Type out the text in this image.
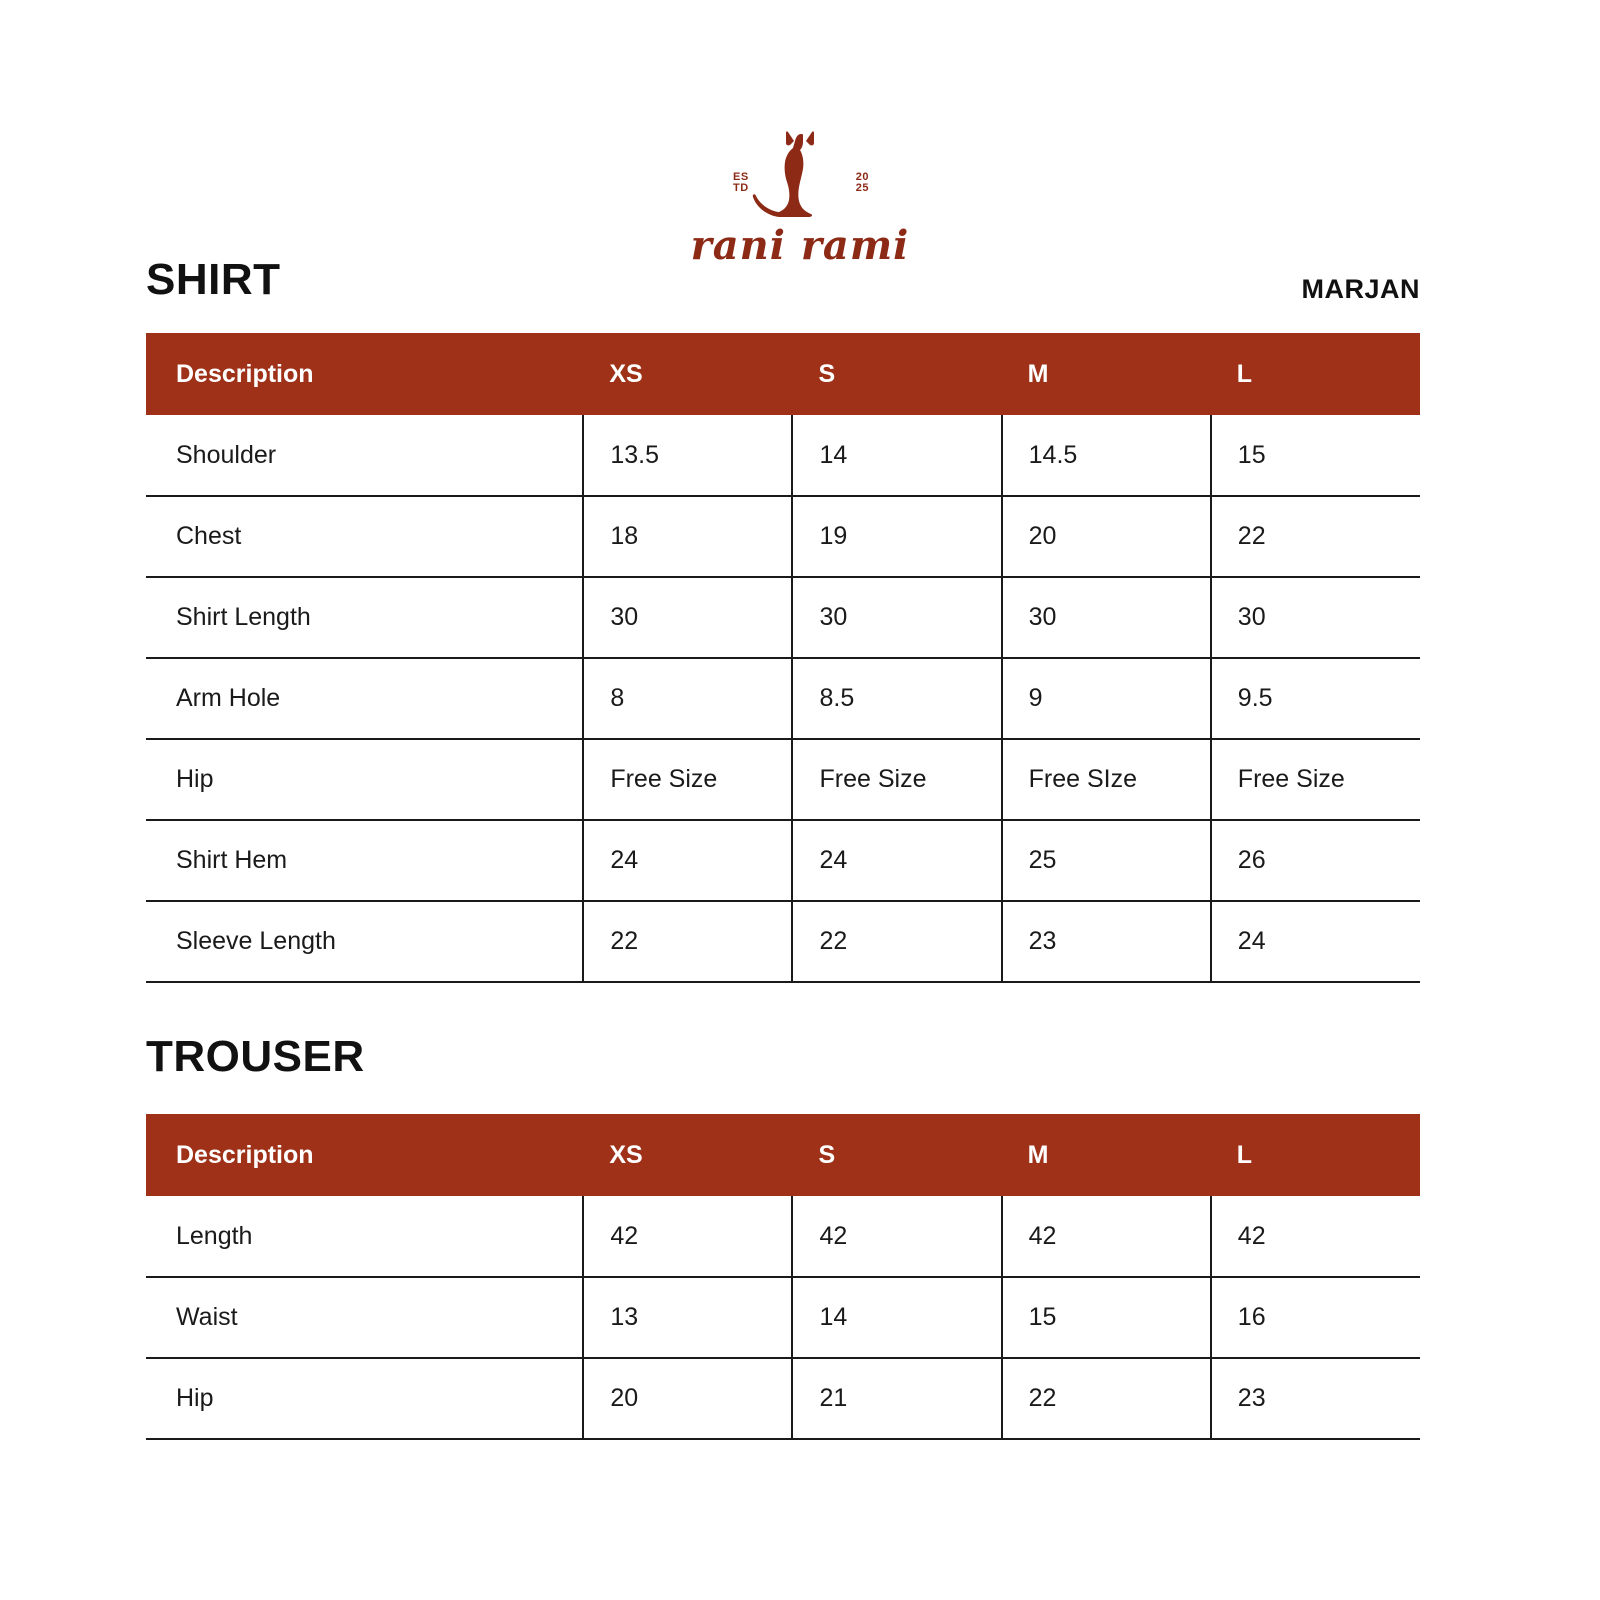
ES
TD
20
25
rani rami
SHIRT	MARJAN
Description	XS	S	M	L
Shoulder	13.5	14	14.5	15
Chest	18	19	20	22
Shirt Length	30	30	30	30
Arm Hole	8	8.5	9	9.5
Hip	Free Size	Free Size	Free SIze	Free Size
Shirt Hem	24	24	25	26
Sleeve Length	22	22	23	24
TROUSER
Description	XS	S	M	L
Length	42	42	42	42
Waist	13	14	15	16
Hip	20	21	22	23
